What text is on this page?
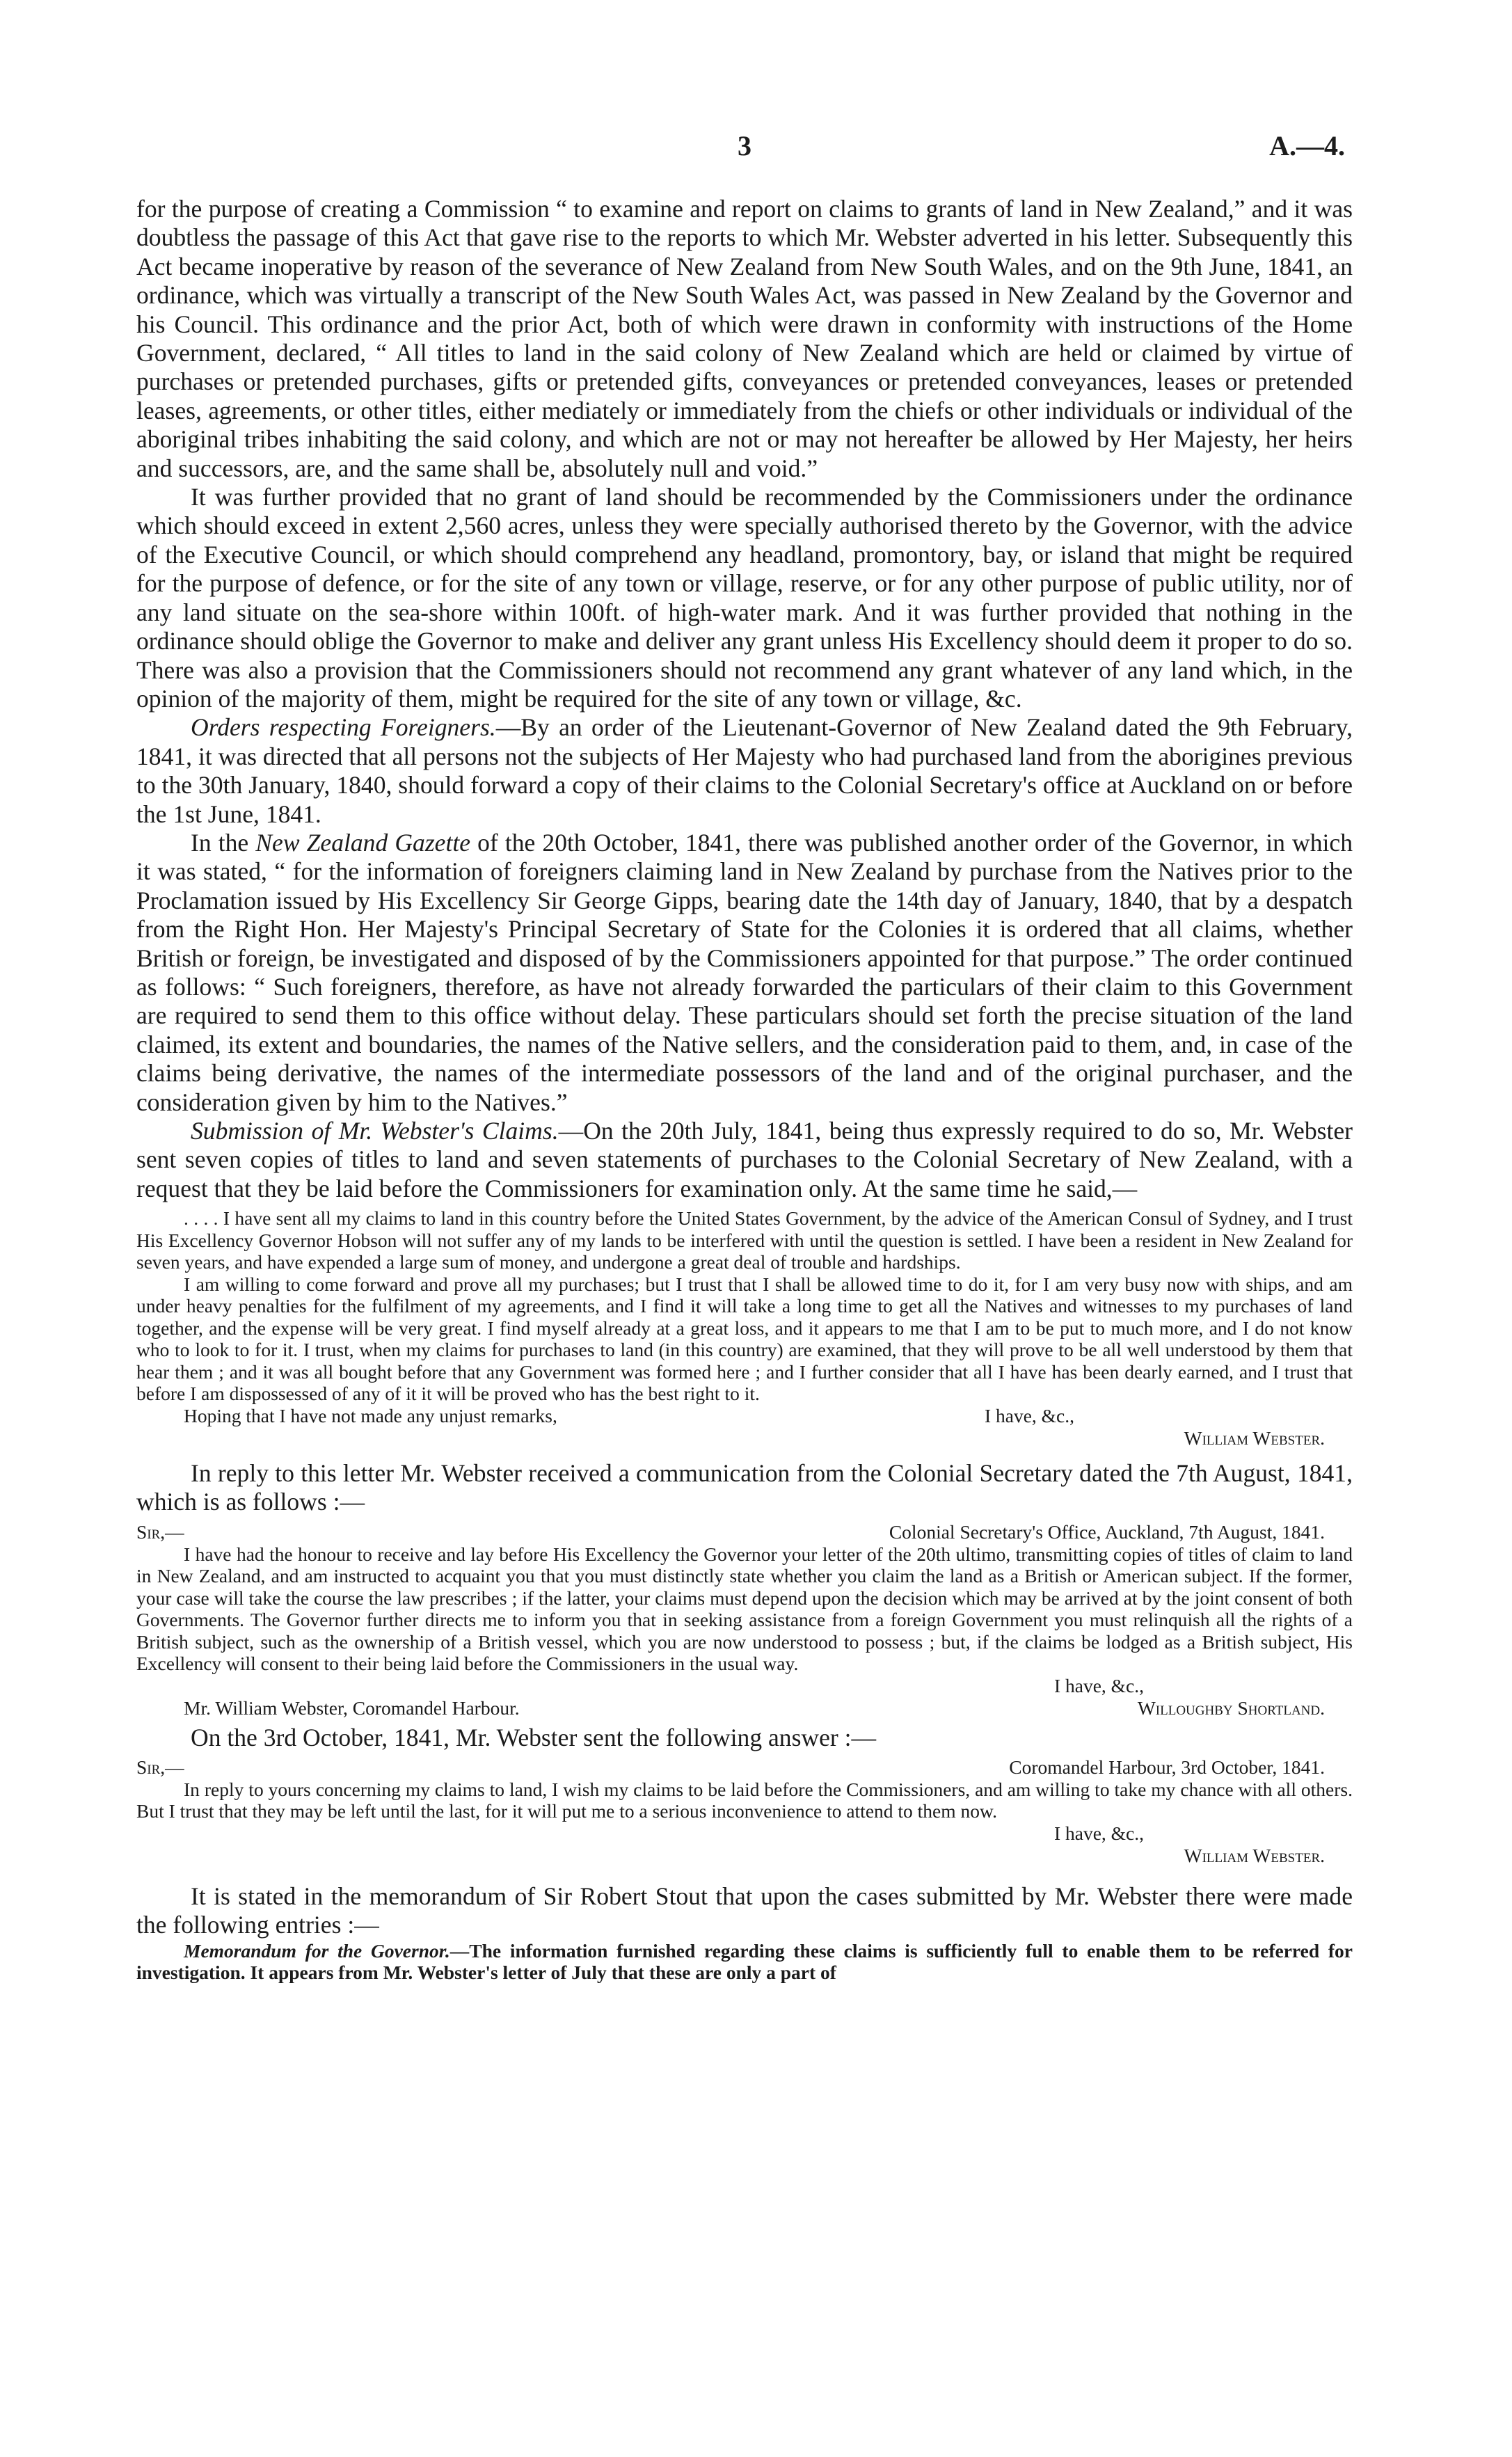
3	A.—4.

for the purpose of creating a Commission “ to examine and report on claims to grants of land in New Zealand,” and it was doubtless the passage of this Act that gave rise to the reports to which Mr. Webster adverted in his letter. Subsequently this Act became inoperative by reason of the severance of New Zealand from New South Wales, and on the 9th June, 1841, an ordinance, which was virtually a transcript of the New South Wales Act, was passed in New Zealand by the Governor and his Council. This ordinance and the prior Act, both of which were drawn in conformity with instructions of the Home Government, declared, “ All titles to land in the said colony of New Zealand which are held or claimed by virtue of purchases or pretended purchases, gifts or pretended gifts, conveyances or pretended conveyances, leases or pretended leases, agreements, or other titles, either mediately or immediately from the chiefs or other individuals or individual of the aboriginal tribes inhabiting the said colony, and which are not or may not hereafter be allowed by Her Majesty, her heirs and successors, are, and the same shall be, absolutely null and void.”

It was further provided that no grant of land should be recommended by the Commissioners under the ordinance which should exceed in extent 2,560 acres, unless they were specially authorised thereto by the Governor, with the advice of the Executive Council, or which should comprehend any headland, promontory, bay, or island that might be required for the purpose of defence, or for the site of any town or village, reserve, or for any other purpose of public utility, nor of any land situate on the sea-shore within 100ft. of high-water mark. And it was further provided that nothing in the ordinance should oblige the Governor to make and deliver any grant unless His Excellency should deem it proper to do so. There was also a provision that the Commissioners should not recommend any grant whatever of any land which, in the opinion of the majority of them, might be required for the site of any town or village, &c.

Orders respecting Foreigners.—By an order of the Lieutenant-Governor of New Zealand dated the 9th February, 1841, it was directed that all persons not the subjects of Her Majesty who had purchased land from the aborigines previous to the 30th January, 1840, should forward a copy of their claims to the Colonial Secretary's office at Auckland on or before the 1st June, 1841.

In the New Zealand Gazette of the 20th October, 1841, there was published another order of the Governor, in which it was stated, “ for the information of foreigners claiming land in New Zealand by purchase from the Natives prior to the Proclamation issued by His Excellency Sir George Gipps, bearing date the 14th day of January, 1840, that by a despatch from the Right Hon. Her Majesty's Principal Secretary of State for the Colonies it is ordered that all claims, whether British or foreign, be investigated and disposed of by the Commissioners appointed for that purpose.” The order continued as follows: “ Such foreigners, therefore, as have not already forwarded the particulars of their claim to this Government are required to send them to this office without delay. These particulars should set forth the precise situation of the land claimed, its extent and boundaries, the names of the Native sellers, and the consideration paid to them, and, in case of the claims being derivative, the names of the intermediate possessors of the land and of the original purchaser, and the consideration given by him to the Natives.”

Submission of Mr. Webster's Claims.—On the 20th July, 1841, being thus expressly required to do so, Mr. Webster sent seven copies of titles to land and seven statements of purchases to the Colonial Secretary of New Zealand, with a request that they be laid before the Commissioners for examination only. At the same time he said,—

. . . . I have sent all my claims to land in this country before the United States Government, by the advice of the American Consul of Sydney, and I trust His Excellency Governor Hobson will not suffer any of my lands to be interfered with until the question is settled. I have been a resident in New Zealand for seven years, and have expended a large sum of money, and undergone a great deal of trouble and hardships.

I am willing to come forward and prove all my purchases; but I trust that I shall be allowed time to do it, for I am very busy now with ships, and am under heavy penalties for the fulfilment of my agreements, and I find it will take a long time to get all the Natives and witnesses to my purchases of land together, and the expense will be very great. I find myself already at a great loss, and it appears to me that I am to be put to much more, and I do not know who to look to for it. I trust, when my claims for purchases to land (in this country) are examined, that they will prove to be all well understood by them that hear them ; and it was all bought before that any Government was formed here ; and I further consider that all I have has been dearly earned, and I trust that before I am dispossessed of any of it it will be proved who has the best right to it.

Hoping that I have not made any unjust remarks,	I have, &c.,
William Webster.

In reply to this letter Mr. Webster received a communication from the Colonial Secretary dated the 7th August, 1841, which is as follows :—

Sir,—	Colonial Secretary's Office, Auckland, 7th August, 1841.

I have had the honour to receive and lay before His Excellency the Governor your letter of the 20th ultimo, transmitting copies of titles of claim to land in New Zealand, and am instructed to acquaint you that you must distinctly state whether you claim the land as a British or American subject. If the former, your case will take the course the law prescribes ; if the latter, your claims must depend upon the decision which may be arrived at by the joint consent of both Governments. The Governor further directs me to inform you that in seeking assistance from a foreign Government you must relinquish all the rights of a British subject, such as the ownership of a British vessel, which you are now understood to possess ; but, if the claims be lodged as a British subject, His Excellency will consent to their being laid before the Commissioners in the usual way.

I have, &c.,
Mr. William Webster, Coromandel Harbour.	Willoughby Shortland.

On the 3rd October, 1841, Mr. Webster sent the following answer :—

Sir,—	Coromandel Harbour, 3rd October, 1841.

In reply to yours concerning my claims to land, I wish my claims to be laid before the Commissioners, and am willing to take my chance with all others. But I trust that they may be left until the last, for it will put me to a serious inconvenience to attend to them now.

I have, &c.,
William Webster.

It is stated in the memorandum of Sir Robert Stout that upon the cases submitted by Mr. Webster there were made the following entries :—

Memorandum for the Governor.—The information furnished regarding these claims is sufficiently full to enable them to be referred for investigation. It appears from Mr. Webster's letter of July that these are only a part of
